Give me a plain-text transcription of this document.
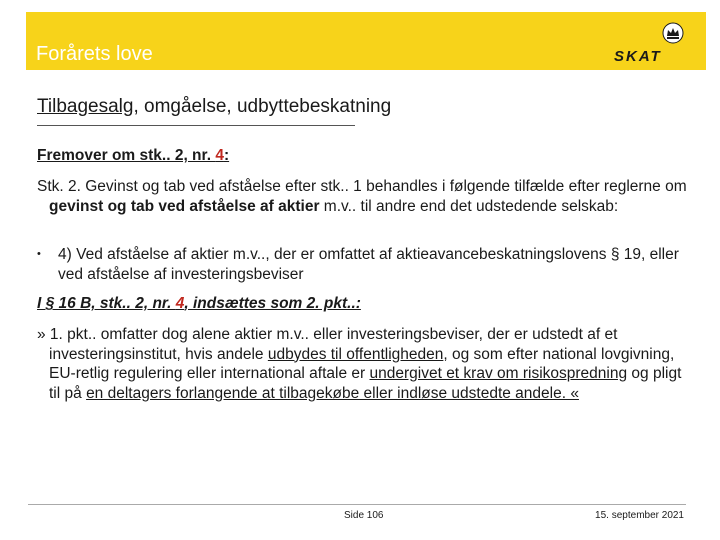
Forårets love	SKAT
Tilbagesalg, omgåelse, udbyttebeskatning
Fremover om stk.. 2, nr. 4:
Stk. 2. Gevinst og tab ved afståelse efter stk.. 1 behandles i følgende tilfælde efter reglerne om gevinst og tab ved afståelse af aktier m.v.. til andre end det udstedende selskab:
• 4) Ved afståelse af aktier m.v.., der er omfattet af aktieavancebeskatningslovens § 19, eller ved afståelse af investeringsbeviser
I § 16 B, stk.. 2, nr. 4, indsættes som 2. pkt..:
» 1. pkt.. omfatter dog alene aktier m.v.. eller investeringsbeviser, der er udstedt af et investeringsinstitut, hvis andele udbydes til offentligheden, og som efter national lovgivning, EU-retlig regulering eller international aftale er undergivet et krav om risikospredning og pligt til på en deltagers forlangende at tilbagekøbe eller indløse udstedte andele. «
Side 106	15. september 2021
